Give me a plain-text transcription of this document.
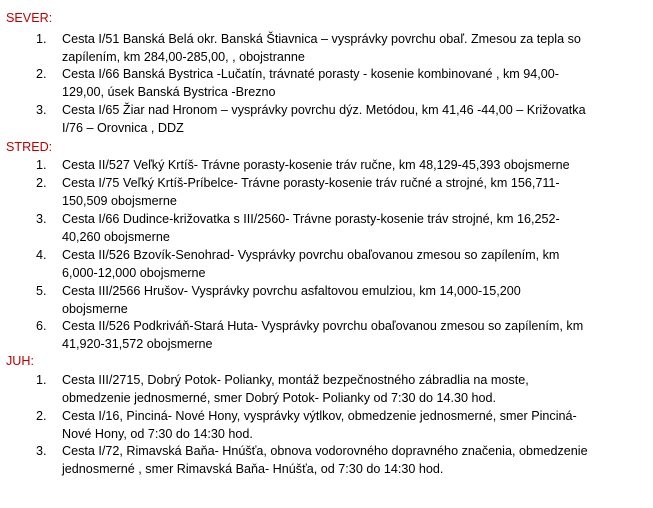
SEVER:
1.	Cesta I/51 Banská Belá okr. Banská Štiavnica – vysprávky povrchu obaľ. Zmesou za tepla so
zapílením, km 284,00-285,00, , obojstranne
2.	Cesta I/66 Banská Bystrica -Lučatín, trávnaté porasty - kosenie kombinované , km 94,00-
129,00, úsek Banská Bystrica -Brezno
3.	Cesta I/65 Žiar nad Hronom – vysprávky povrchu dýz. Metódou, km 41,46 -44,00 – Križovatka
I/76 – Orovnica , DDZ
STRED:
1.	Cesta II/527 Veľký Krtíš- Trávne porasty-kosenie tráv ručne, km 48,129-45,393 obojsmerne
2.	Cesta I/75 Veľký Krtíš-Príbelce- Trávne porasty-kosenie tráv ručné a strojné, km 156,711-
150,509 obojsmerne
3.	Cesta I/66 Dudince-križovatka s III/2560- Trávne porasty-kosenie tráv strojné, km 16,252-
40,260 obojsmerne
4.	Cesta II/526 Bzovík-Senohrad- Vysprávky povrchu obaľovanou zmesou so zapílením, km
6,000-12,000 obojsmerne
5.	Cesta III/2566 Hrušov- Vysprávky povrchu asfaltovou emulziou, km 14,000-15,200
obojsmerne
6.	Cesta II/526 Podkriváň-Stará Huta- Vysprávky povrchu obaľovanou zmesou so zapílením, km
41,920-31,572 obojsmerne
JUH:
1.	Cesta III/2715, Dobrý Potok- Polianky, montáž bezpečnostného zábradlia na moste,
obmedzenie jednosmerné, smer Dobrý Potok- Polianky od 7:30 do 14.30 hod.
2.	Cesta I/16, Pinciná- Nové Hony, vysprávky výtlkov, obmedzenie jednosmerné, smer Pinciná-
Nové Hony, od 7:30 do 14:30 hod.
3.	Cesta I/72, Rimavská Baňa- Hnúšťa, obnova vodorovného dopravného značenia, obmedzenie
jednosmerné , smer Rimavská Baňa- Hnúšťa, od 7:30 do 14:30 hod.
